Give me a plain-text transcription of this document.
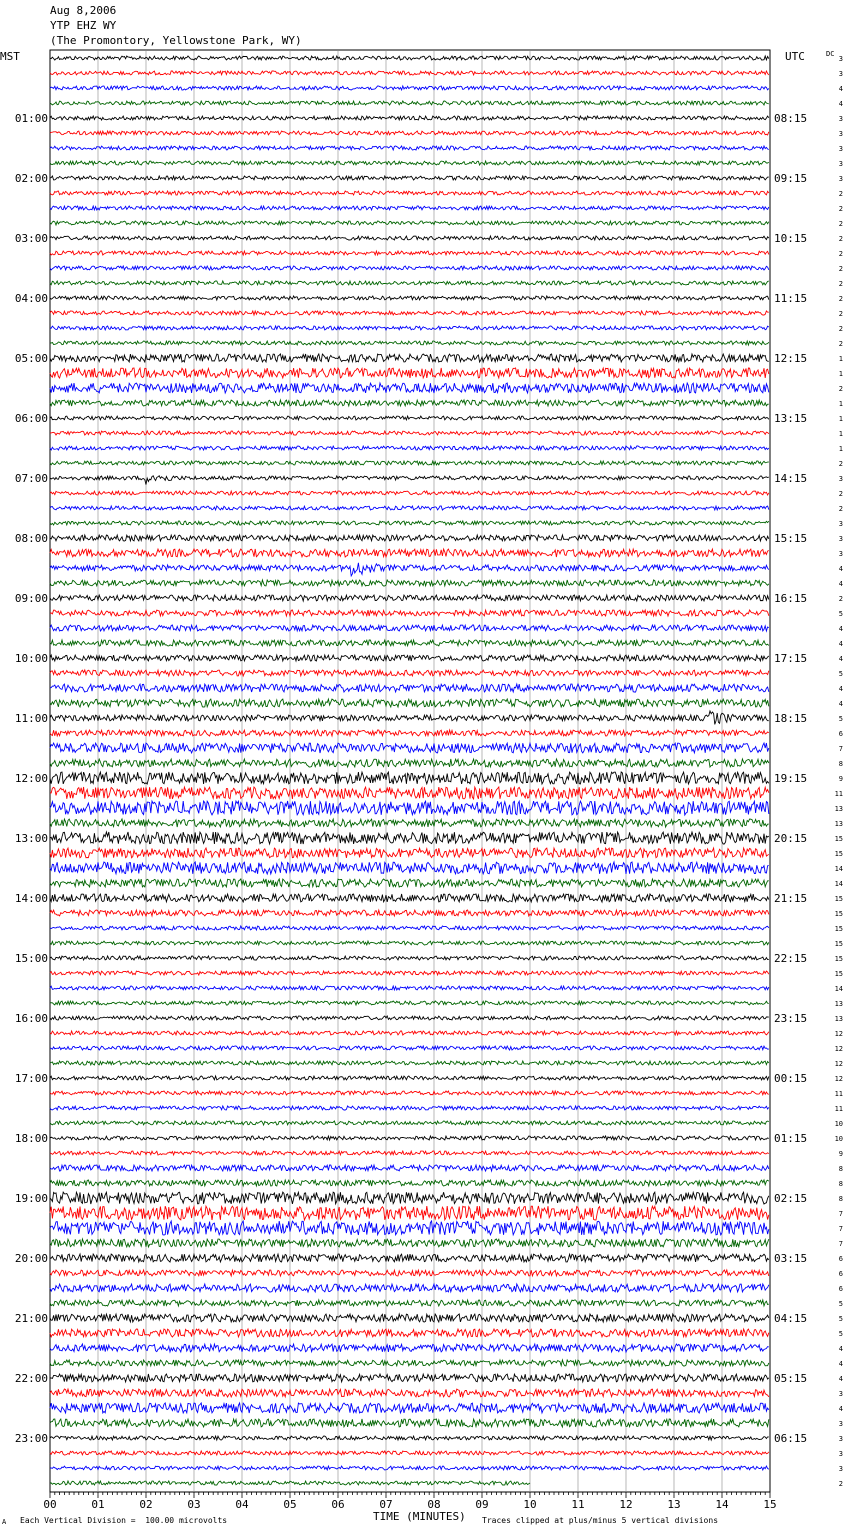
Aug 8,2006
YTP EHZ WY
(The Promontory, Yellowstone Park, WY)
MST	UTC	3
3
4
4
3
3
3
3
3
2
2
2
2
2
2
2
2
2
2
2
1
1
2
1
1
1
1
2
3
2
2
3
3
3
4
4
2
5
4
4
4
5
4
4
5
6
7
8
9
11
13
13
15
15
14
14
15
15
15
15
15
15
14
13
13
12
12
12
12
11
11
10
10
9
8
8
8
7
7
7
6
6
6
5
5
5
4
4
4
3
4
3
3
3
3
2
DC
01:00
02:00
03:00
04:00
05:00
06:00
07:00
08:00
09:00
10:00
11:00
12:00
13:00
14:00
15:00
16:00
17:00
18:00
19:00
20:00
21:00
22:00
23:00
08:15
09:15
10:15
11:15
12:15
13:15
14:15
15:15
16:15
17:15
18:15
19:15
20:15
21:15
22:15
23:15
00:15
01:15
02:15
03:15
04:15
05:15
06:15
00	01	02	03	04	05	06	07	08	09	10	11	12	13	14	15
TIME (MINUTES)
A Each Vertical Division =  100.00 microvolts	Traces clipped at plus/minus 5 vertical divisions
